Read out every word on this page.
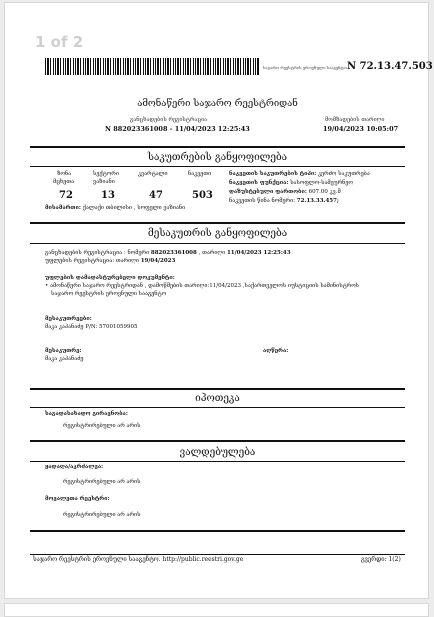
1 of 2
საჯარო რეესტრის ეროვნული სააგენტო N 72.13.47.503
ამონაწერი საჯარო რეესტრიდან
განცხადების რეგისტრაცია
N 882023361008 - 11/04/2023 12:25:43
მომზადების თარიღი
19/04/2023 10:05:07
საკუთრების განყოფილება
ზონა
მცხეთა
72
სექტორი
ვაზიანი
13
კვარტალი
47
ნაკვეთი
503
ნაკვეთის საკუთრების ტიპი: კერძო საკუთრება
ნაკვეთის ფუნქცია: სასოფლო-სამეურნეო
დაზუსტებული ფართობი: 607.00 კვ.მ
ნაკვეთის წინა ნომერი: 72.13.33.457;
მისამართი: ქალაქი თბილისი , სოფელი ვაზიანი
მესაკუთრის განყოფილება
განცხადების რეგისტრაცია : ნომერი 882023361008 , თარიღი 11/04/2023 12:25:43
უფლების რეგისტრაცია: თარიღი 19/04/2023
უფლების დამადასტურებელი დოკუმენტი:
• ამონაწერი საჯარო რეესტრიდან , დამოწმების თარიღი:11/04/2023 ,საქართველოს იუსტიციის სამინისტროს
საჯარო რეესტრის ეროვნული სააგენტო
მესაკუთრეები:
მაკა კაპანაძე P/N: 57001059905
მესაკუთრე:
მაკა კაპანაძე
აღწერა:
იპოთეკა
საგადასახადო გირავნობა:
რეგისტრირებული არ არის
ვალდებულება
ყადაღა/აკრძალვა:
რეგისტრირებული არ არის
მოვალეთა რეესტრი:
რეგისტრირებული არ არის
საჯარო რეესტრის ეროვნული სააგენტო. http://public.reestri.gov.ge	გვერდი: 1(2)
